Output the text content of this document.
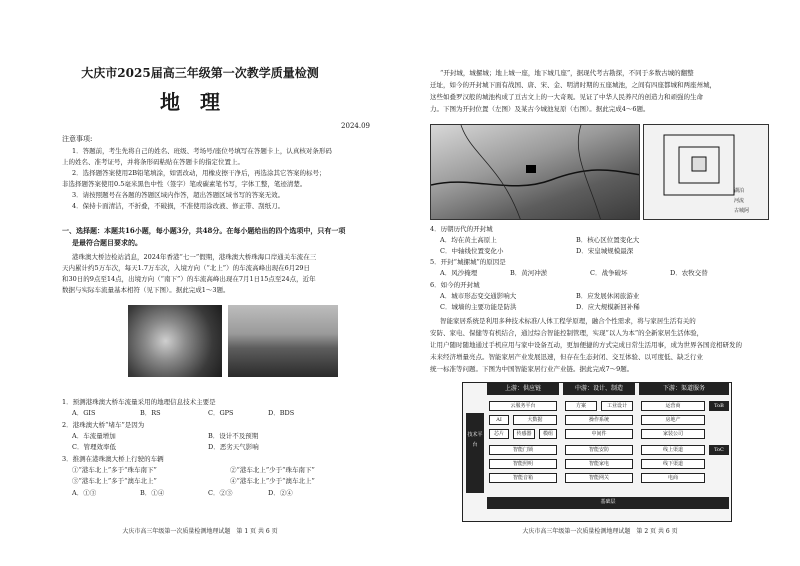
大庆市2025届高三年级第一次教学质量检测
地理
2024.09
注意事项:
1．答题前，考生先将自己的姓名、班级、考场号/座位号填写在答题卡上，认真核对条形码
上的姓名、准考证号，并将条形码粘贴在答题卡的指定位置上。
2．选择题答案使用2B铅笔填涂，如需改动，用橡皮擦干净后，再选涂其它答案的标号；
非选择题答案使用0.5毫米黑色中性（签字）笔或碳素笔书写，字体工整，笔迹清楚。
3．请按照题号在各题的答题区域内作答，超出答题区域书写的答案无效。
4．保持卡面清洁，不折叠，不破损，不准使用涂改液、修正带、刮纸刀。
一、选择题：本题共16小题，每小题3分，共48分。在每小题给出的四个选项中，只有一项
是最符合题目要求的。
港珠澳大桥边检站消息，2024年香港“七一”假期，港珠澳大桥珠海口岸通关车流在三
天内累计约5万车次，每天1.7万车次，入境方向（“北上”）的车流高峰出现在6月29日
和30日的9点至14点，出境方向（“南下”）的车流高峰出现在7月1日15点至24点，近年
数据与实际车流量基本相符（见下图）。据此完成1～3题。
1．预测港珠澳大桥车流量采用的地理信息技术主要是
A．GIS	B．RS	C．GPS	D．BDS
2．港珠澳大桥“堵车”是因为
A．车流量增加	B．设计不及预期
C．管理效率低	D．恶劣天气影响
3．推测在港珠澳大桥上行驶的车辆
①“港车北上”多于“珠车南下”	②“港车北上”少于“珠车南下”
③“港车北上”多于“澳车北上”	④“港车北上”少于“澳车北上”
A．①③	B．①④	C．②③	D．②④
大庆市高三年级第一次质量检测地理试题　第 1 页 共 6 页
“开封城，城摞城；地上城一座，地下城几座”，据现代考古勘探，不同于多数古城的翻整
迁址，如今的开封城下面有战国、唐、宋、金、明清时期的五座城池，之间有四座都城和两座州城，
这些如叠罗汉般的城池构成了亘古文上的一大奇观。见证了中华人民养尺的创造力和顽强的生命
力。下图为开封位置（左图）及某古今城池复原（右图）。据此完成4～6题。
湖泊
河流
古城阿
4．历朝历代的开封城
A．均在黄土高原上	B．核心区位置变化大
C．中轴线位置变化小	D．宋皇城规模最深
5．开封“城摞城”的原因是
A．风沙掩埋	B．黄河冲淤	C．战争破坏	D．农牧交替
6．如今的开封城
A．城市形态变交通影响大	B．应发展休闲旅游业
C．城墙的主要功能是防洪	D．应大规模新回补稀
智能家居系统是利用多种技术标准/人体工程学原理，融合个性需求，将与家居生活有关的
安防、家电、保健等有机结合，通过综合智能控制管理，实现“以人为本”的全新家居生活体验，
让用户随时随地通过手机应用与家中设备互动，更加便捷的方式完成日常生活用事，成为世界各国竞相研发的
未来经济增量亮点。智能家居产业发展迅速，但存在生态封闭、交互体验、以可度低、缺乏行业
统一标准等问题。下图为中国智能家居行业产业链。据此完成7～9题。
上游：供应链	中游：设计、制造	下游：渠道服务
技术平台
云服务平台
AI	大数据
芯片	传感器	模组
方案	工业设计
操作系统
中间件
智能门锁
智能照明
智能音箱
智能安防
智能家电
智能网关
ToB
运营商
房地产
家装公司
ToC
线上渠道
线下渠道
电商
基础层
大庆市高三年级第一次质量检测地理试题　第 2 页 共 6 页
